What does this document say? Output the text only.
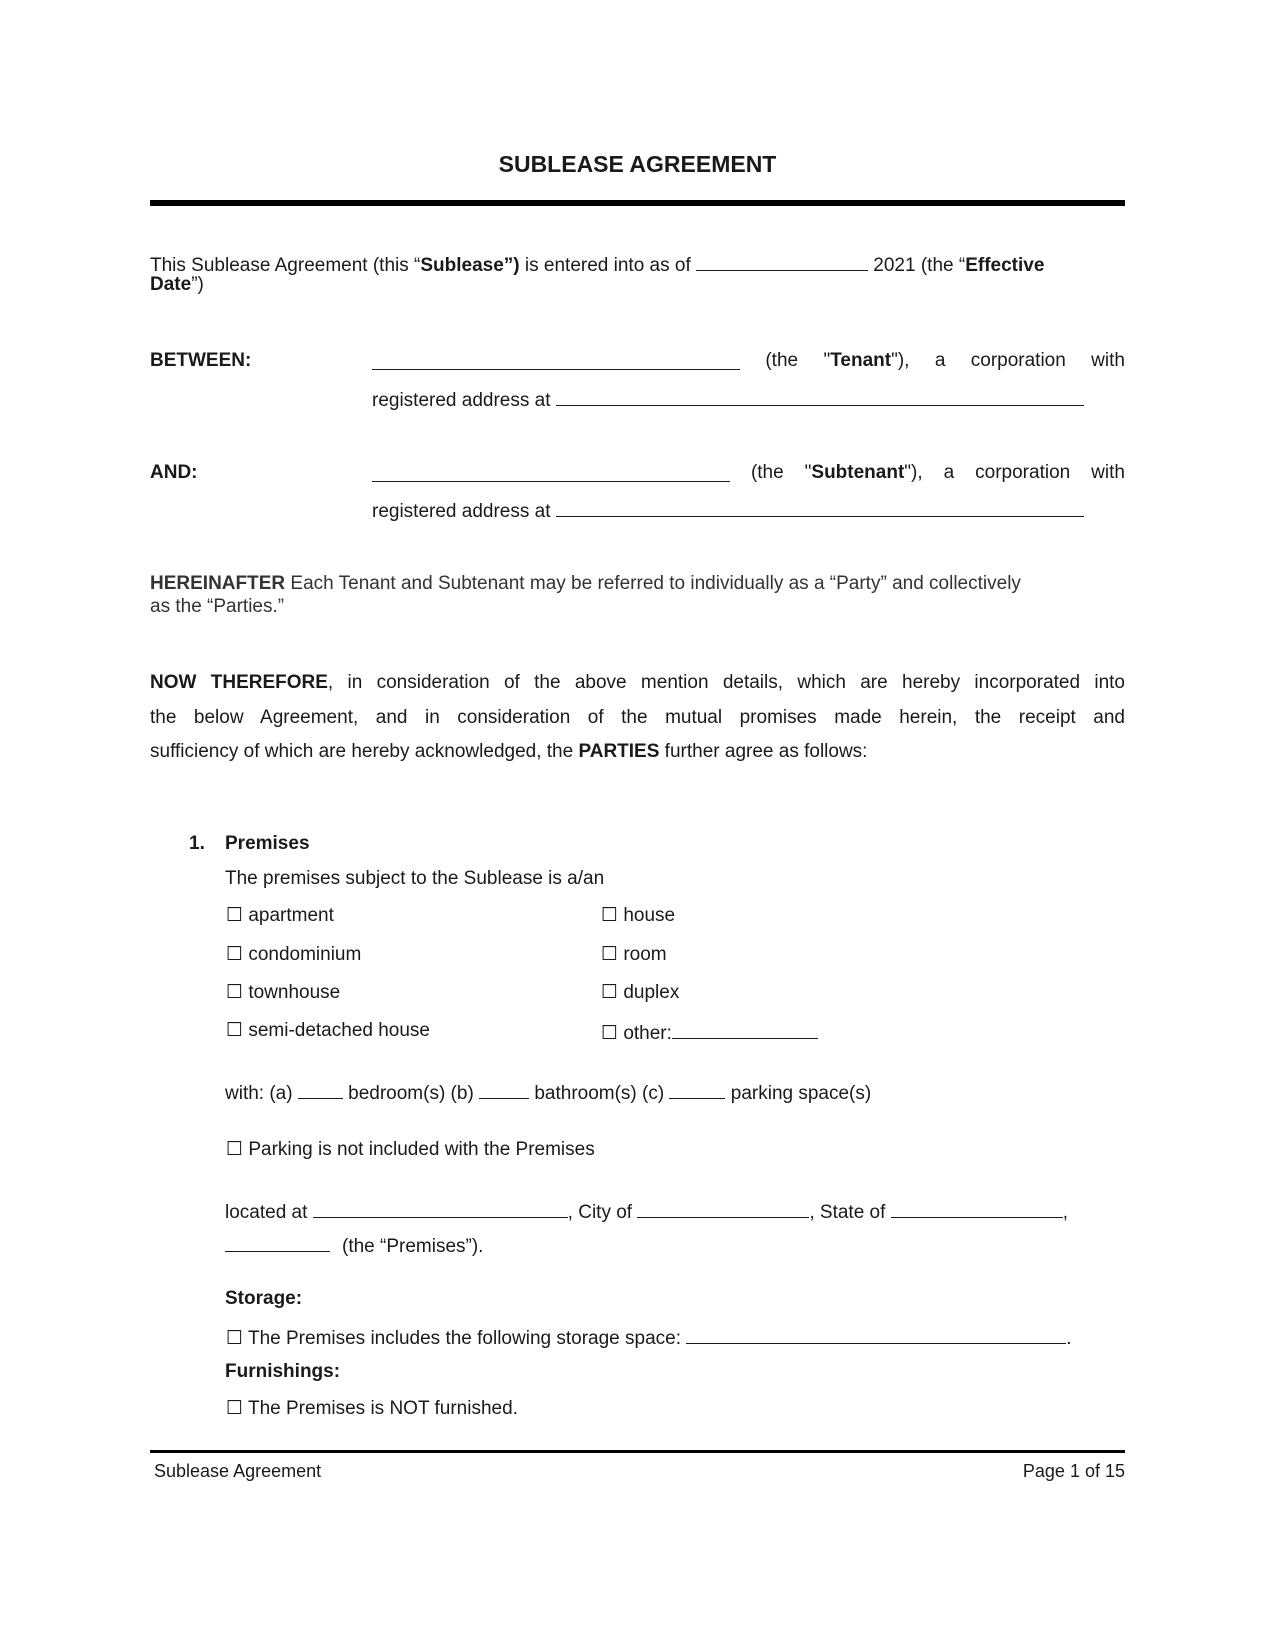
SUBLEASE AGREEMENT
This Sublease Agreement (this “Sublease”) is entered into as of	2021 (the “Effective
Date”)
BETWEEN:	(the "Tenant"), a corporation with
registered address at
AND:	(the "Subtenant"), a corporation with
registered address at
HEREINAFTER Each Tenant and Subtenant may be referred to individually as a “Party” and collectively
as the “Parties.”
NOW THEREFORE, in consideration of the above mention details, which are hereby incorporated into
the below Agreement, and in consideration of the mutual promises made herein, the receipt and
sufficiency of which are hereby acknowledged, the PARTIES further agree as follows:
1. Premises
The premises subject to the Sublease is a/an
☐ apartment
☐ condominium
☐ townhouse
☐ semi-detached house
☐ house
☐ room
☐ duplex
☐ other:
with: (a)  bedroom(s) (b)	bathroom(s) (c)	parking space(s)
☐ Parking is not included with the Premises
located at	, City of	, State of	,
(the “Premises”).
Storage:
☐ The Premises includes the following storage space:	.
Furnishings:
☐ The Premises is NOT furnished.
Sublease Agreement	Page 1 of 15
